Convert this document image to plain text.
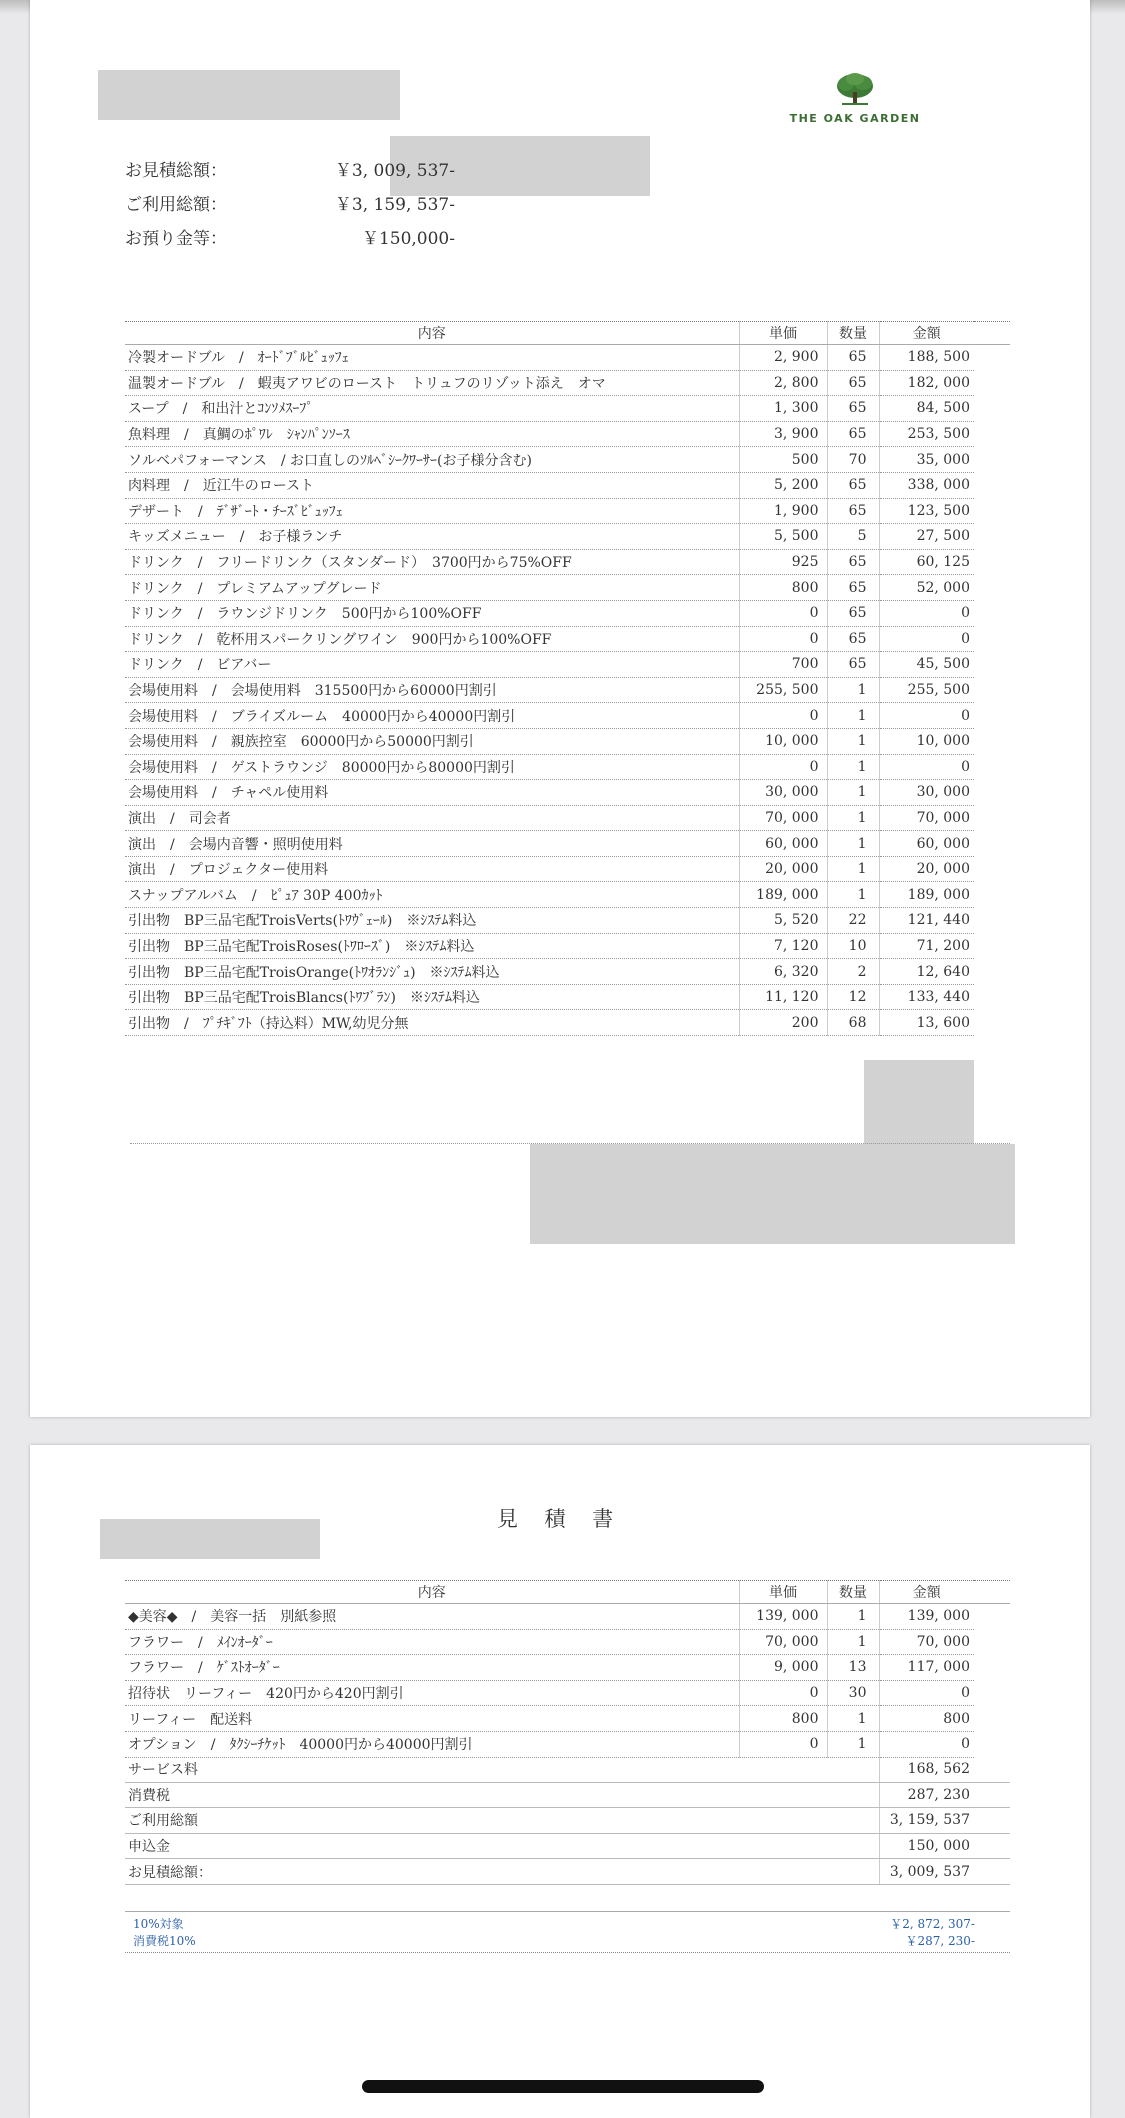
THE OAK GARDEN
お見積総額：	￥3, 009, 537-
ご利用総額：	￥3, 159, 537-
お預り金等：	￥150,000-
内容	単価	数量	金額	
冷製オードブル　/　ｵｰﾄﾞﾌﾞﾙﾋﾞｭｯﾌｪ	2, 900	65	188, 500	
温製オードブル　/　蝦夷アワビのロースト　トリュフのリゾット添え　オマ	2, 800	65	182, 000	
スープ　/　和出汁とｺﾝｿﾒｽｰﾌﾟ	1, 300	65	84, 500	
魚料理　/　真鯛のﾎﾟﾜﾚ　ｼｬﾝﾊﾟﾝｿｰｽ	3, 900	65	253, 500	
ソルベパフォーマンス　/ お口直しのｿﾙﾍﾞｼｰｸﾜｰｻｰ(お子様分含む)	500	70	35, 000	
肉料理　/　近江牛のロースト	5, 200	65	338, 000	
デザート　/　ﾃﾞｻﾞｰﾄ・ﾁｰｽﾞﾋﾞｭｯﾌｪ	1, 900	65	123, 500	
キッズメニュー　/　お子様ランチ	5, 500	5	27, 500	
ドリンク　/　フリードリンク（スタンダード）　3700円から75%OFF	925	65	60, 125	
ドリンク　/　プレミアムアップグレード	800	65	52, 000	
ドリンク　/　ラウンジドリンク　500円から100%OFF	0	65	0	
ドリンク　/　乾杯用スパークリングワイン　900円から100%OFF	0	65	0	
ドリンク　/　ビアバー	700	65	45, 500	
会場使用料　/　会場使用料　315500円から60000円割引	255, 500	1	255, 500	
会場使用料　/　ブライズルーム　40000円から40000円割引	0	1	0	
会場使用料　/　親族控室　60000円から50000円割引	10, 000	1	10, 000	
会場使用料　/　ゲストラウンジ　80000円から80000円割引	0	1	0	
会場使用料　/　チャペル使用料	30, 000	1	30, 000	
演出　/　司会者	70, 000	1	70, 000	
演出　/　会場内音響・照明使用料	60, 000	1	60, 000	
演出　/　プロジェクター使用料	20, 000	1	20, 000	
スナップアルバム　/　ﾋﾟｭｱ 30P 400ｶｯﾄ	189, 000	1	189, 000	
引出物　BP三品宅配TroisVerts(ﾄﾜｳﾞｪｰﾙ)　※ｼｽﾃﾑ料込	5, 520	22	121, 440	
引出物　BP三品宅配TroisRoses(ﾄﾜﾛｰｽﾞ)　※ｼｽﾃﾑ料込	7, 120	10	71, 200	
引出物　BP三品宅配TroisOrange(ﾄﾜｵﾗﾝｼﾞｭ)　※ｼｽﾃﾑ料込	6, 320	2	12, 640	
引出物　BP三品宅配TroisBlancs(ﾄﾜﾌﾞﾗﾝ)　※ｼｽﾃﾑ料込	11, 120	12	133, 440	
引出物　/　ﾌﾟﾁｷﾞﾌﾄ（持込料）MW,幼児分無	200	68	13, 600	
見 積 書
内容	単価	数量	金額	
◆美容◆　/　美容一括　別紙参照	139, 000	1	139, 000	
フラワー　/　ﾒｲﾝｵｰﾀﾞｰ	70, 000	1	70, 000	
フラワー　/　ｹﾞｽﾄｵｰﾀﾞｰ	9, 000	13	117, 000	
招待状　リーフィー　420円から420円割引	0	30	0	
リーフィー　配送料	800	1	800	
オプション　/　ﾀｸｼｰﾁｹｯﾄ　40000円から40000円割引	0	1	0	
サービス料	168, 562	
消費税	287, 230	
ご利用総額	3, 159, 537	
申込金	150, 000	
お見積総額：	3, 009, 537	
10%対象	￥2, 872, 307-
消費税10%	￥287, 230-
